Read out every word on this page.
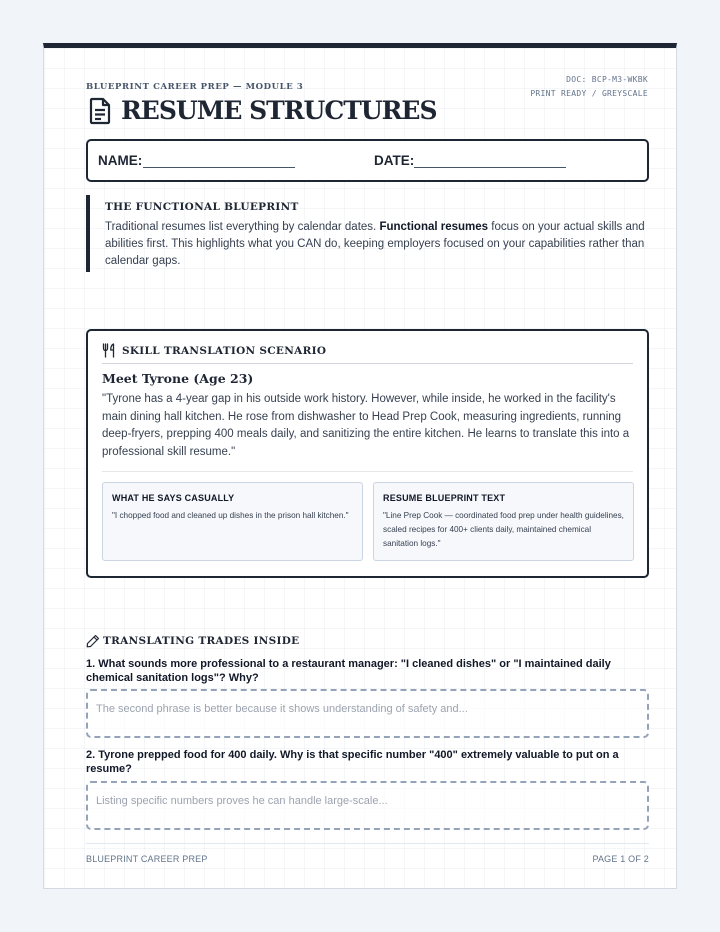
BLUEPRINT CAREER PREP — MODULE 3
DOC: BCP-M3-WKBK
PRINT READY / GREYSCALE
RESUME STRUCTURES
NAME:	DATE:
THE FUNCTIONAL BLUEPRINT
Traditional resumes list everything by calendar dates. Functional resumes focus on your actual skills and abilities first. This highlights what you CAN do, keeping employers focused on your capabilities rather than calendar gaps.
SKILL TRANSLATION SCENARIO
Meet Tyrone (Age 23)
"Tyrone has a 4-year gap in his outside work history. However, while inside, he worked in the facility's main dining hall kitchen. He rose from dishwasher to Head Prep Cook, measuring ingredients, running deep-fryers, prepping 400 meals daily, and sanitizing the entire kitchen. He learns to translate this into a professional skill resume."
WHAT HE SAYS CASUALLY
"I chopped food and cleaned up dishes in the prison hall kitchen."
RESUME BLUEPRINT TEXT
"Line Prep Cook — coordinated food prep under health guidelines, scaled recipes for 400+ clients daily, maintained chemical sanitation logs."
TRANSLATING TRADES INSIDE
1. What sounds more professional to a restaurant manager: "I cleaned dishes" or "I maintained daily chemical sanitation logs"? Why?
The second phrase is better because it shows understanding of safety and...
2. Tyrone prepped food for 400 daily. Why is that specific number "400" extremely valuable to put on a resume?
Listing specific numbers proves he can handle large-scale...
BLUEPRINT CAREER PREP	PAGE 1 OF 2
